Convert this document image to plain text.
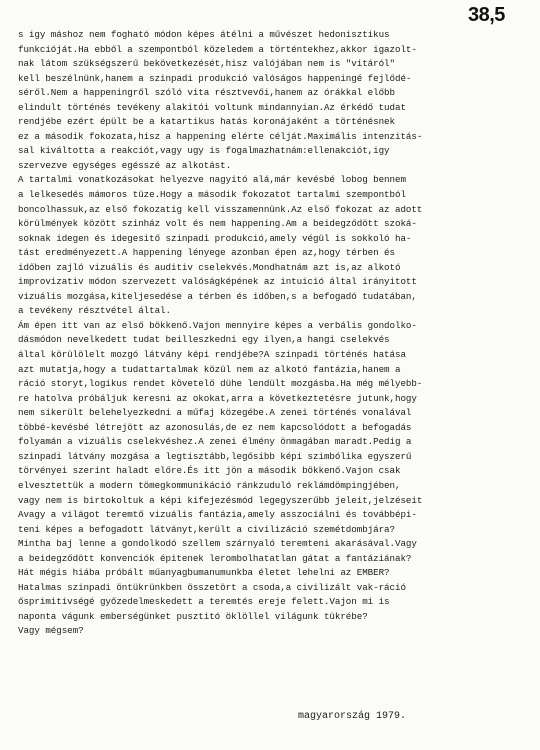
38,5
s igy máshoz nem fogható módon képes átélni a művészet hedonisztikus
funkcióját.Ha ebből a szempontból közeledem a történtekhez,akkor igazolt-
nak látom szükségszerű bekövetkezését,hisz valójában nem is "vitáról"
kell beszélnünk,hanem a szinpadi produkció valóságos happeningé fejlődé-
séről.Nem a happeningről szóló vita résztvevői,hanem az órákkal előbb
elindult történés tevékeny alakitói voltunk mindannyian.Az érkédő tudat
rendjébe ezért épült be a katartikus hatás koronájaként a történésnek
ez a második fokozata,hisz a happening elérte célját.Maximális intenzitás-
sal kiváltotta a reakciót,vagy ugy is fogalmazhatnám:ellenakciót,igy
szervezve egységes egésszé az alkotást.
A tartalmi vonatkozásokat helyezve nagyitó alá,már kevésbé lobog bennem
a lelkesedés mámoros tüze.Hogy a második fokozatot tartalmi szempontból
boncolhassuk,az első fokozatig kell visszamennünk.Az első fokozat az adott
körülmények között szinház volt és nem happening.Am a beidegződött szoká-
soknak idegen és idegesitő szinpadi produkció,amely végül is sokkoló ha-
tást eredményezett.A happening lényege azonban épen az,hogy térben és
időben zajló vizuális és auditiv cselekvés.Mondhatnám azt is,az alkotó
improvizativ módon szervezett valóságképének az intuició által irányitott
vizuális mozgása,kiteljesedése a térben és időben,s a befogadó tudatában,
a tevékeny résztvétel által.
Ám épen itt van az első bökkenő.Vajon mennyire képes a verbális gondolko-
dásmódon nevelkedett tudat beilleszkedni egy ilyen,a hangi cselekvés
által körülölelt mozgó látvány képi rendjébe?A szinpadi történés hatása
azt mutatja,hogy a tudattartalmak közül nem az alkotó fantázia,hanem a
ráció storyt,logikus rendet követelő dühe lendült mozgásba.Ha még mélyebb-
re hatolva próbáljuk keresni az okokat,arra a következtetésre jutunk,hogy
nem sikerült belehelyezkedni a műfaj közegébe.A zenei történés vonalával
többé-kevésbé létrejött az azonosulás,de ez nem kapcsolódott a befogadás
folyamán a vizuális cselekvéshez.A zenei élmény önmagában maradt.Pedig a
szinpadi látvány mozgása a legtisztább,legősibb képi szimbólika egyszerű
törvényei szerint haladt előre.És itt jön a második bökkenő.Vajon csak
elvesztettük a modern tömegkommunikáció ránkzuduló reklámdömpingjében,
vagy nem is birtokoltuk a képi kifejezésmód legegyszerűbb jeleit,jelzéseit
Avagy a világot teremtő vizuális fantázia,amely asszociálni és továbbépi-
teni képes a befogadott látványt,került a civilizáció szemétdombjára?
Mintha baj lenne a gondolkodó szellem szárnyaló teremteni akarásával.Vagy
a beidegződött konvenciók épitenek lerombolhatatlan gátat a fantáziának?
Hát mégis hiába próbált műanyagbumanumunkba életet lehelni az EMBER?
Hatalmas szinpadi öntükrünkben összetört a csoda,a civilizált vak-ráció
ősprimitivségé győzedelmeskedett a teremtés ereje felett.Vajon mi is
naponta vágunk emberségünket pusztitó öklöllel világunk tükrébe?
Vagy mégsem?
magyarország 1979.
